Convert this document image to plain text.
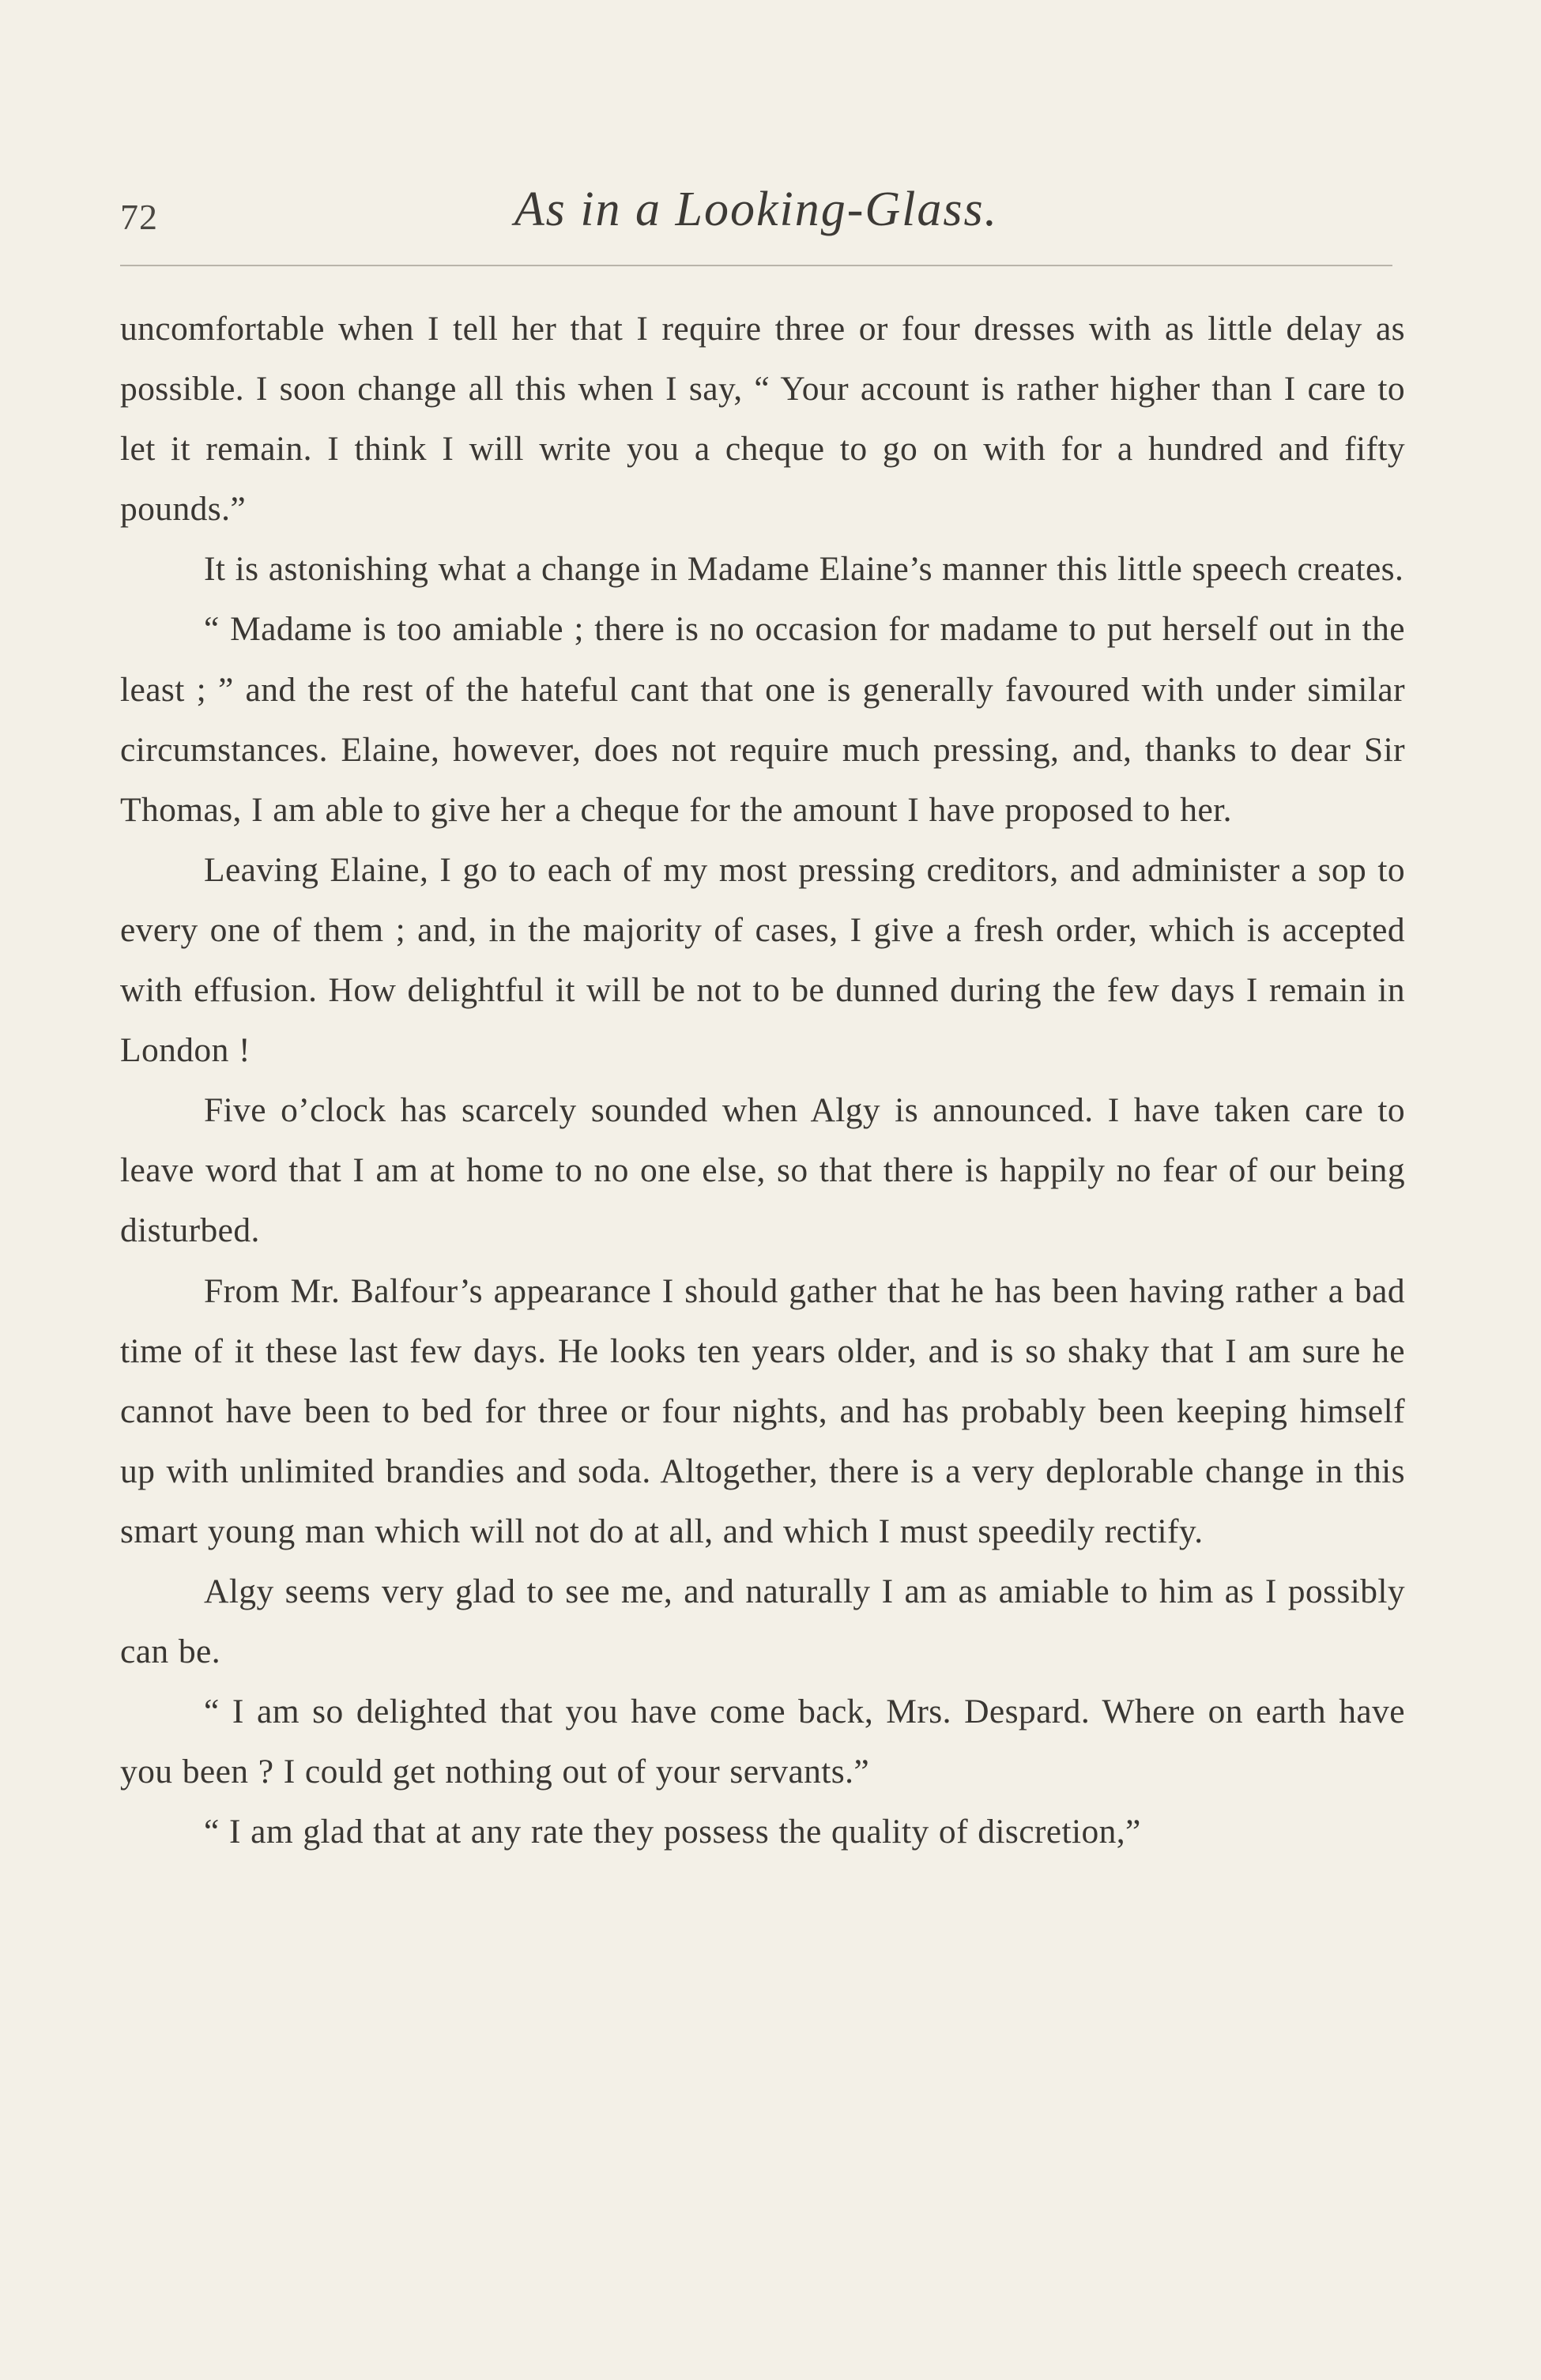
72	As in a Looking-Glass.

uncomfortable when I tell her that I require three or four dresses with as little delay as possible. I soon change all this when I say, “ Your account is rather higher than I care to let it remain. I think I will write you a cheque to go on with for a hundred and fifty pounds.”

It is astonishing what a change in Madame Elaine’s manner this little speech creates.

“ Madame is too amiable ; there is no occasion for madame to put herself out in the least ; ” and the rest of the hateful cant that one is generally favoured with under similar circumstances. Elaine, however, does not require much pressing, and, thanks to dear Sir Thomas, I am able to give her a cheque for the amount I have proposed to her.

Leaving Elaine, I go to each of my most pressing creditors, and administer a sop to every one of them ; and, in the majority of cases, I give a fresh order, which is accepted with effusion. How delightful it will be not to be dunned during the few days I remain in London !

Five o’clock has scarcely sounded when Algy is announced. I have taken care to leave word that I am at home to no one else, so that there is happily no fear of our being disturbed.

From Mr. Balfour’s appearance I should gather that he has been having rather a bad time of it these last few days. He looks ten years older, and is so shaky that I am sure he cannot have been to bed for three or four nights, and has probably been keeping himself up with unlimited brandies and soda. Altogether, there is a very deplorable change in this smart young man which will not do at all, and which I must speedily rectify.

Algy seems very glad to see me, and naturally I am as amiable to him as I possibly can be.

“ I am so delighted that you have come back, Mrs. Despard. Where on earth have you been ? I could get nothing out of your servants.”

“ I am glad that at any rate they possess the quality of discretion,”
